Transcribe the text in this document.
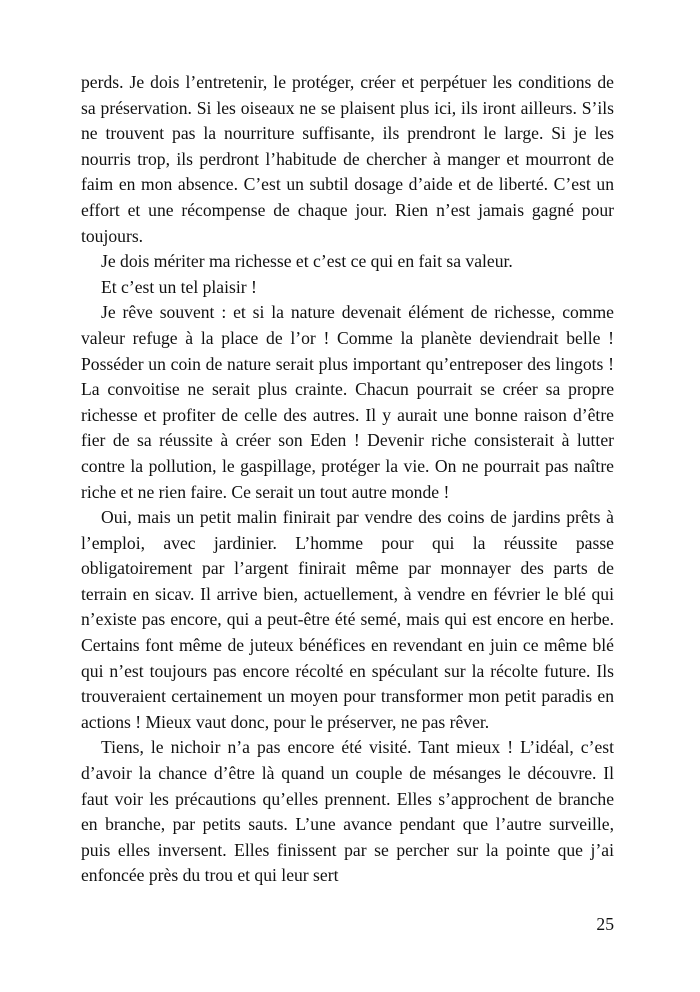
perds. Je dois l’entretenir, le protéger, créer et perpétuer les conditions de sa préservation. Si les oiseaux ne se plaisent plus ici, ils iront ailleurs. S’ils ne trouvent pas la nourriture suffisante, ils prendront le large. Si je les nourris trop, ils perdront l’habitude de chercher à manger et mourront de faim en mon absence. C’est un subtil dosage d’aide et de liberté. C’est un effort et une récompense de chaque jour. Rien n’est jamais gagné pour toujours.

Je dois mériter ma richesse et c’est ce qui en fait sa valeur.

Et c’est un tel plaisir !

Je rêve souvent : et si la nature devenait élément de richesse, comme valeur refuge à la place de l’or ! Comme la planète deviendrait belle ! Posséder un coin de nature serait plus important qu’entreposer des lingots ! La convoitise ne serait plus crainte. Chacun pourrait se créer sa propre richesse et profiter de celle des autres. Il y aurait une bonne raison d’être fier de sa réussite à créer son Eden ! Devenir riche consisterait à lutter contre la pollution, le gaspillage, protéger la vie. On ne pourrait pas naître riche et ne rien faire. Ce serait un tout autre monde !

Oui, mais un petit malin finirait par vendre des coins de jardins prêts à l’emploi, avec jardinier. L’homme pour qui la réussite passe obligatoirement par l’argent finirait même par monnayer des parts de terrain en sicav. Il arrive bien, actuellement, à vendre en février le blé qui n’existe pas encore, qui a peut-être été semé, mais qui est encore en herbe. Certains font même de juteux bénéfices en revendant en juin ce même blé qui n’est toujours pas encore récolté en spéculant sur la récolte future. Ils trouveraient certainement un moyen pour transformer mon petit paradis en actions ! Mieux vaut donc, pour le préserver, ne pas rêver.

Tiens, le nichoir n’a pas encore été visité. Tant mieux ! L’idéal, c’est d’avoir la chance d’être là quand un couple de mésanges le découvre. Il faut voir les précautions qu’elles prennent. Elles s’approchent de branche en branche, par petits sauts. L’une avance pendant que l’autre surveille, puis elles inversent. Elles finissent par se percher sur la pointe que j’ai enfoncée près du trou et qui leur sert

25
